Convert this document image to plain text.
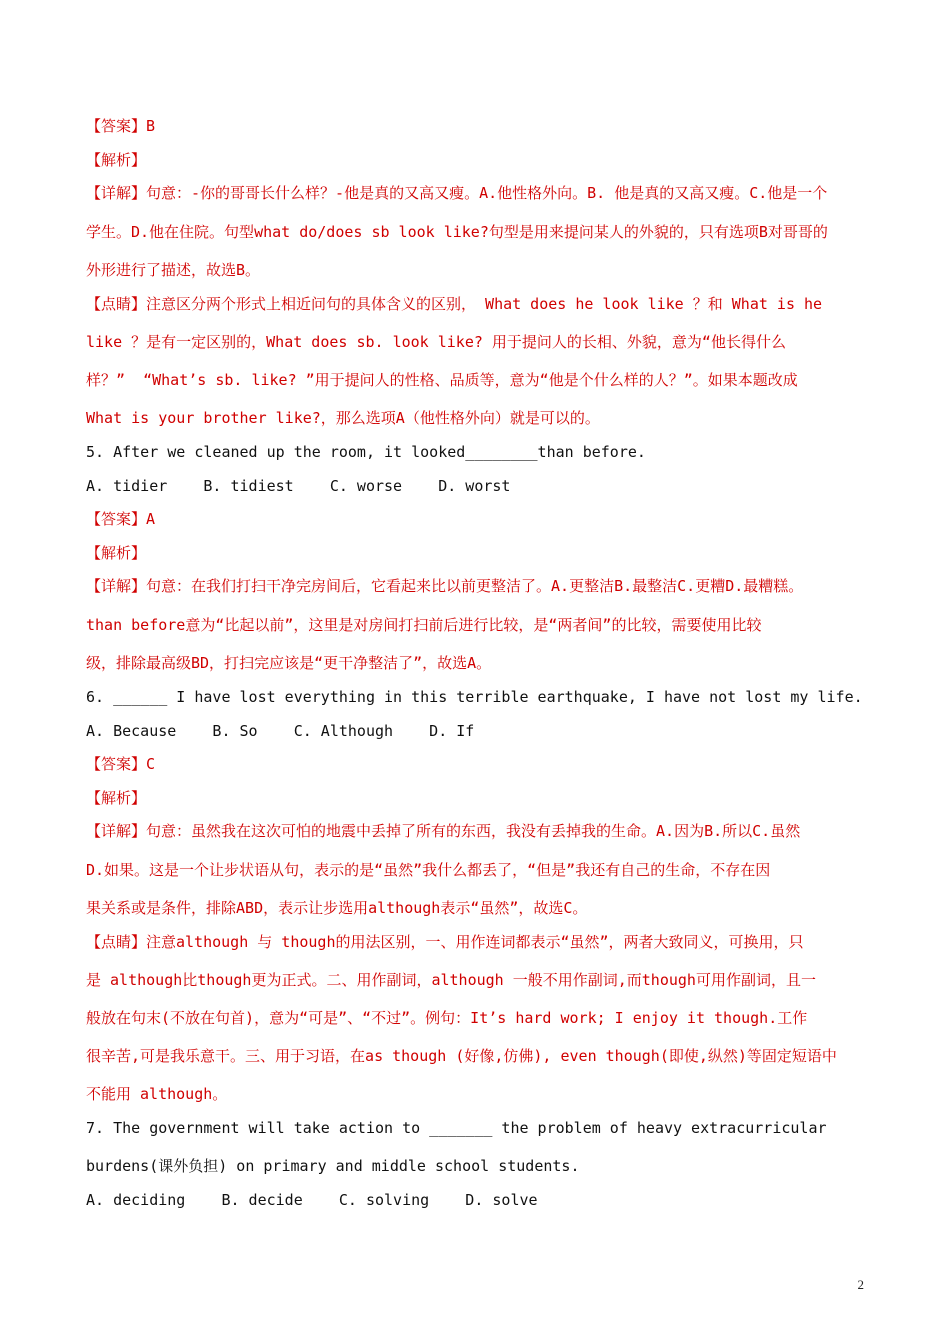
【答案】B
【解析】
【详解】句意：-你的哥哥长什么样？-他是真的又高又瘦。A.他性格外向。B. 他是真的又高又瘦。C.他是一个
学生。D.他在住院。句型what do/does sb look like?句型是用来提问某人的外貌的，只有选项B对哥哥的
外形进行了描述，故选B。
【点睛】注意区分两个形式上相近问句的具体含义的区别， What does he look like ？和 What is he
like ？是有一定区别的，What does sb. look like? 用于提问人的长相、外貌，意为“他长得什么
样？”  “What’s sb. like? ”用于提问人的性格、品质等，意为“他是个什么样的人？”。如果本题改成
What is your brother like?，那么选项A（他性格外向）就是可以的。
5. After we cleaned up the room, it looked________than before.
A. tidier    B. tidiest    C. worse    D. worst
【答案】A
【解析】
【详解】句意：在我们打扫干净完房间后，它看起来比以前更整洁了。A.更整洁B.最整洁C.更糟D.最糟糕。
than before意为“比起以前”，这里是对房间打扫前后进行比较，是“两者间”的比较，需要使用比较
级，排除最高级BD，打扫完应该是“更干净整洁了”，故选A。
6. ______ I have lost everything in this terrible earthquake, I have not lost my life.
A. Because    B. So    C. Although    D. If
【答案】C
【解析】
【详解】句意：虽然我在这次可怕的地震中丢掉了所有的东西，我没有丢掉我的生命。A.因为B.所以C.虽然
D.如果。这是一个让步状语从句，表示的是“虽然”我什么都丢了，“但是”我还有自己的生命，不存在因
果关系或是条件，排除ABD，表示让步选用although表示“虽然”，故选C。
【点睛】注意although 与 though的用法区别，一、用作连词都表示“虽然”，两者大致同义，可换用，只
是 although比though更为正式。二、用作副词，although 一般不用作副词,而though可用作副词，且一
般放在句末(不放在句首)，意为“可是”、“不过”。例句：It’s hard work; I enjoy it though.工作
很辛苦,可是我乐意干。三、用于习语，在as though (好像,仿佛), even though(即使,纵然)等固定短语中
不能用 although。
7. The government will take action to _______ the problem of heavy extracurricular
burdens(课外负担) on primary and middle school students.
A. deciding    B. decide    C. solving    D. solve
2
